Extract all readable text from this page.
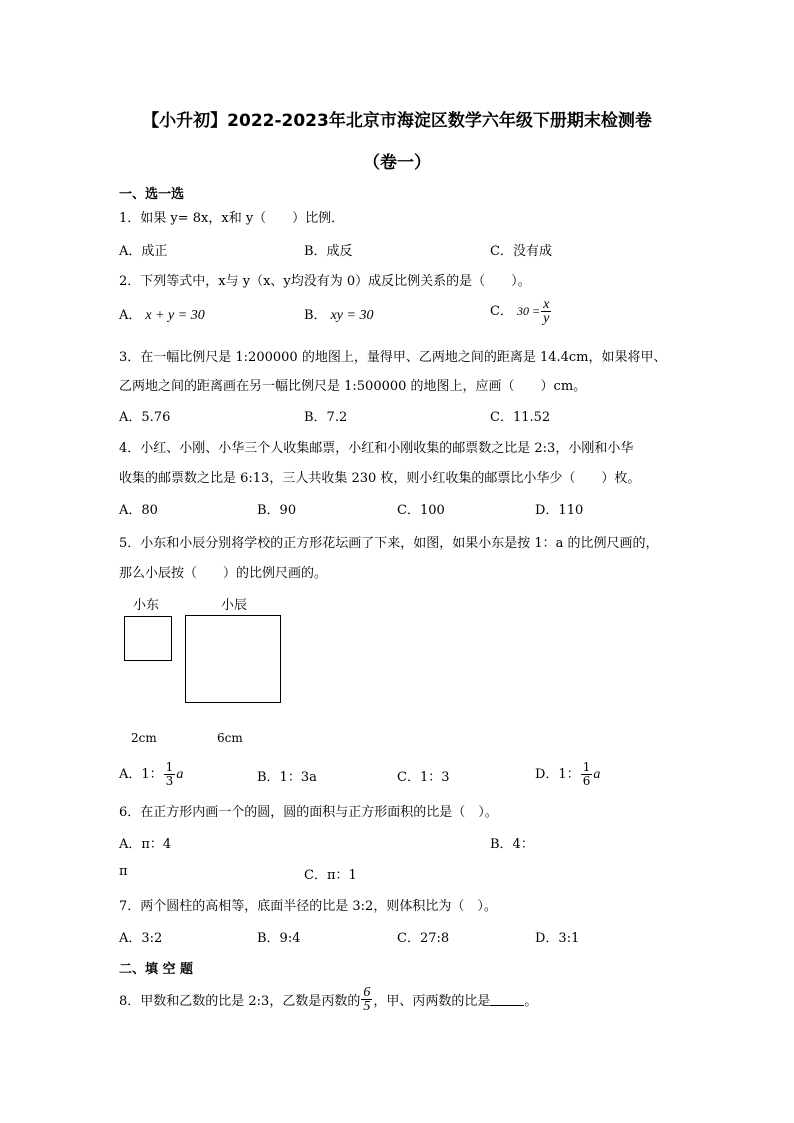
【小升初】2022-2023年北京市海淀区数学六年级下册期末检测卷
（卷一）
一、选一选
1．如果 y= 8x，x和 y（　　）比例．
A．成正	B．成反	C．没有成
2．下列等式中，x与 y（x、y均没有为 0）成反比例关系的是（　　）。
A． x + y = 30	B． xy = 30	C． $30 = \frac{x}{y}$
3．在一幅比例尺是 1:200000 的地图上，量得甲、乙两地之间的距离是 14.4cm，如果将甲、
乙两地之间的距离画在另一幅比例尺是 1:500000 的地图上，应画（　　）cm。
A．5.76	B．7.2	C．11.52
4．小红、小刚、小华三个人收集邮票，小红和小刚收集的邮票数之比是 2:3，小刚和小华
收集的邮票数之比是 6:13，三人共收集 230 枚，则小红收集的邮票比小华少（　　）枚。
A．80	B．90	C．100	D．110
5．小东和小辰分别将学校的正方形花坛画了下来，如图，如果小东是按 1：a 的比例尺画的，
那么小辰按（　　）的比例尺画的。
小东	小辰
2cm	6cm
A．1： $\frac{1}{3}$ a	B．1：3a	C．1：3	D．1： $\frac{1}{6}$ a
6．在正方形内画一个的圆，圆的面积与正方形面积的比是（　）。
A．π：4	B．4：
π	C．π：1
7．两个圆柱的高相等，底面半径的比是 3:2，则体积比为（　）。
A．3:2	B．9:4	C．27:8	D．3:1
二、填 空 题
8．甲数和乙数的比是 2:3，乙数是丙数的 $\frac{6}{5}$ ，甲、丙两数的比是	。
